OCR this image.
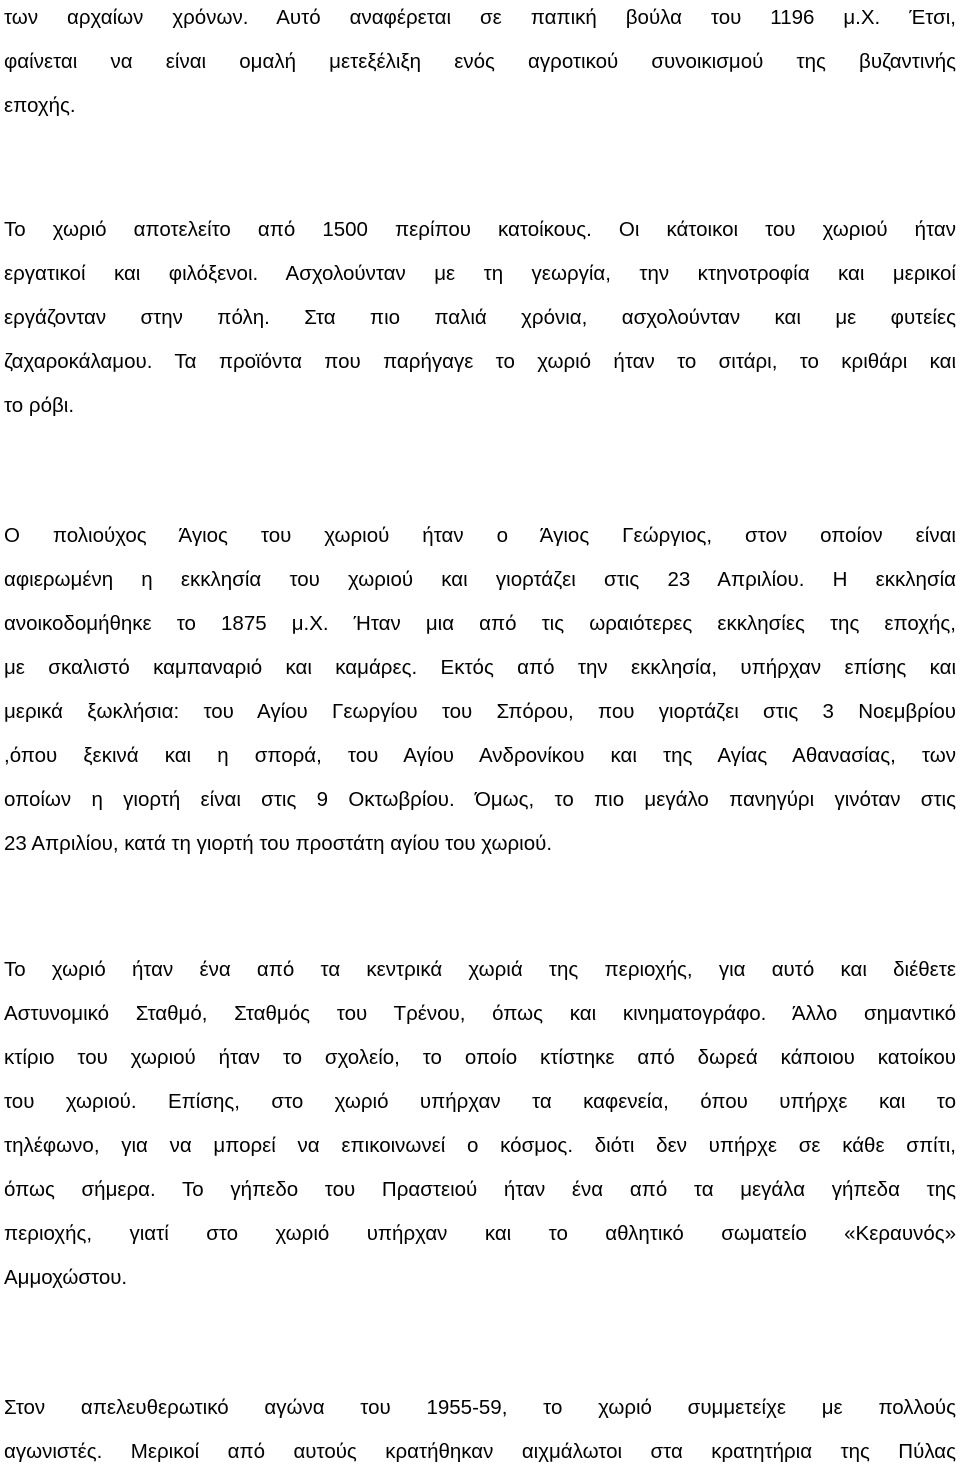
των αρχαίων χρόνων. Αυτό αναφέρεται σε παπική βούλα του 1196 μ.Χ. Έτσι,
φαίνεται να είναι ομαλή μετεξέλιξη ενός αγροτικού συνοικισμού της βυζαντινής
εποχής.
Το χωριό αποτελείτο από 1500 περίπου κατοίκους. Οι κάτοικοι του χωριού ήταν
εργατικοί και φιλόξενοι. Ασχολούνταν με τη γεωργία, την κτηνοτροφία και μερικοί
εργάζονταν στην πόλη. Στα πιο παλιά χρόνια, ασχολούνταν και με φυτείες
ζαχαροκάλαμου. Τα προϊόντα που παρήγαγε το χωριό ήταν το σιτάρι, το κριθάρι και
το ρόβι.
Ο πολιούχος Άγιος του χωριού ήταν ο Άγιος Γεώργιος, στον οποίον είναι
αφιερωμένη η εκκλησία του χωριού και γιορτάζει στις 23 Απριλίου. Η εκκλησία
ανοικοδομήθηκε το 1875 μ.Χ. Ήταν μια από τις ωραιότερες εκκλησίες της εποχής,
με σκαλιστό καμπαναριό και καμάρες. Εκτός από την εκκλησία, υπήρχαν επίσης και
μερικά ξωκλήσια: του Αγίου Γεωργίου του Σπόρου, που γιορτάζει στις 3 Νοεμβρίου
,όπου ξεκινά και η σπορά, του Αγίου Ανδρονίκου και της Αγίας Αθανασίας, των
οποίων η γιορτή είναι στις 9 Οκτωβρίου. Όμως, το πιο μεγάλο πανηγύρι γινόταν στις
23 Απριλίου, κατά τη γιορτή του προστάτη αγίου του χωριού.
Το χωριό ήταν ένα από τα κεντρικά χωριά της περιοχής, για αυτό και διέθετε
Αστυνομικό Σταθμό, Σταθμός του Τρένου, όπως και κινηματογράφο. Άλλο σημαντικό
κτίριο του χωριού ήταν το σχολείο, το οποίο κτίστηκε από δωρεά κάποιου κατοίκου
του χωριού. Επίσης, στο χωριό υπήρχαν τα καφενεία, όπου υπήρχε και το
τηλέφωνο, για να μπορεί να επικοινωνεί ο κόσμος. διότι δεν υπήρχε σε κάθε σπίτι,
όπως σήμερα. Το γήπεδο του Πραστειού ήταν ένα από τα μεγάλα γήπεδα της
περιοχής, γιατί στο χωριό υπήρχαν και το αθλητικό σωματείο «Κεραυνός»
Αμμοχώστου.
Στον απελευθερωτικό αγώνα του 1955-59, το χωριό συμμετείχε με πολλούς
αγωνιστές. Μερικοί από αυτούς κρατήθηκαν αιχμάλωτοι στα κρατητήρια της Πύλας
